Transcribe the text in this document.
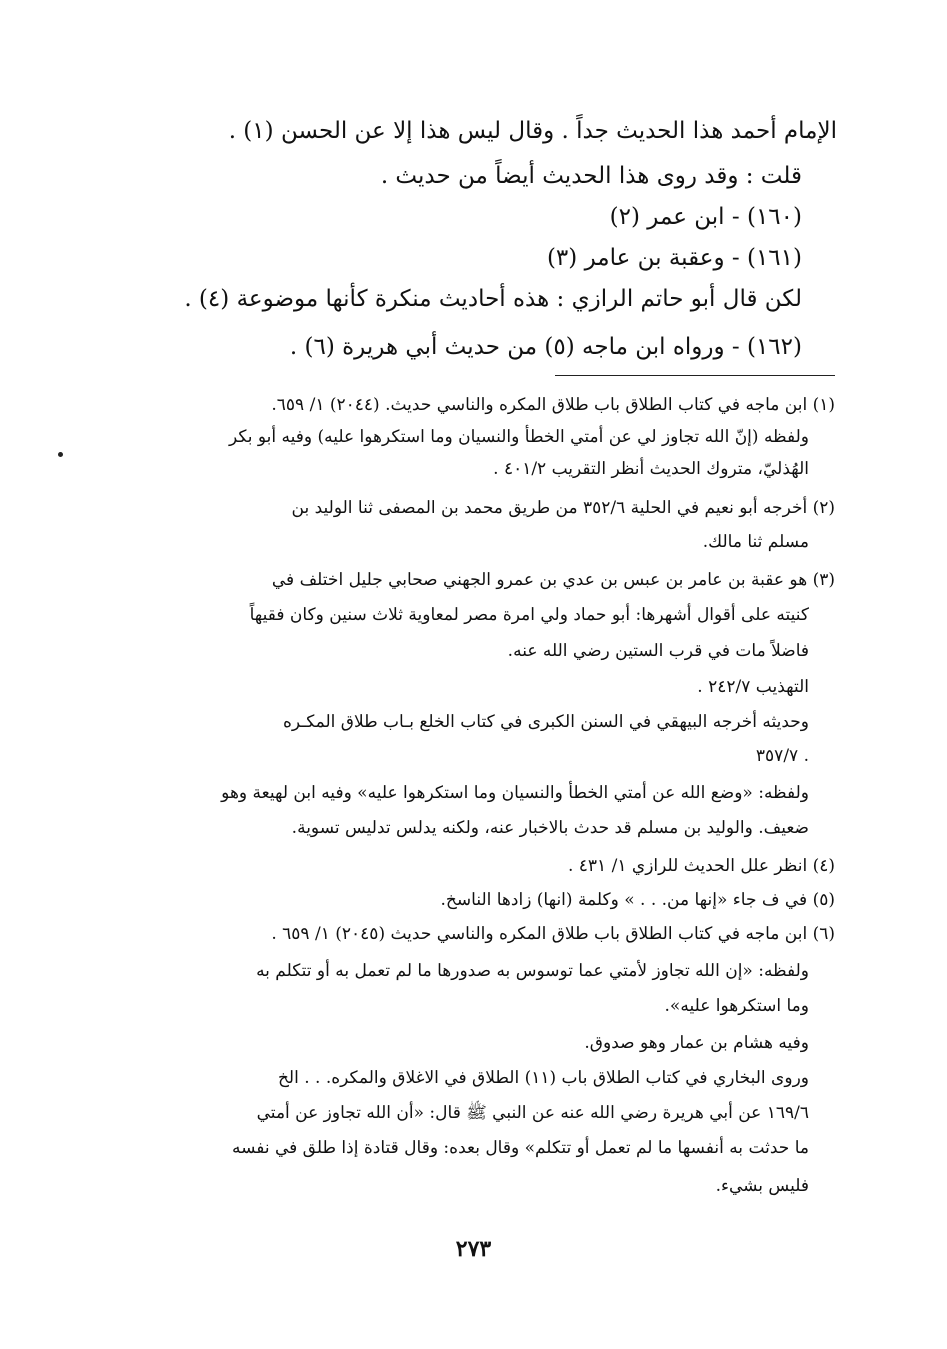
الإمام أحمد هذا الحديث جداً . وقال ليس هذا إلا عن الحسن (١) .
قلت : وقد روى هذا الحديث أيضاً من حديث .
(١٦٠) - ابن عمر (٢)
(١٦١) - وعقبة بن عامر (٣)
لكن قال أبو حاتم الرازي : هذه أحاديث منكرة كأنها موضوعة (٤) .
(١٦٢) - ورواه ابن ماجه (٥) من حديث أبي هريرة (٦) .
(١) ابن ماجه في كتاب الطلاق باب طلاق المكره والناسي حديث. (٢٠٤٤) ١/ ٦٥٩.
ولفظه (إنّ الله تجاوز لي عن أمتي الخطأ والنسيان وما استكرهوا عليه) وفيه أبو بكر
الهُذليّ، متروك الحديث أنظر التقريب ٤٠١/٢ .
(٢) أخرجه أبو نعيم في الحلية ٣٥٢/٦ من طريق محمد بن المصفى ثنا الوليد بن
مسلم ثنا مالك.
(٣) هو عقبة بن عامر بن عبس بن عدي بن عمرو الجهني صحابي جليل اختلف في
كنيته على أقوال أشهرها: أبو حماد ولي امرة مصر لمعاوية ثلاث سنين وكان فقيهاً
فاضلاً مات في قرب الستين رضي الله عنه.
التهذيب ٢٤٢/٧ .
وحديثه أخرجه البيهقي في السنن الكبرى في كتاب الخلع بـاب طلاق المكـره
٣٥٧/٧ .
ولفظه: «وضع الله عن أمتي الخطأ والنسيان وما استكرهوا عليه» وفيه ابن لهيعة وهو
ضعيف. والوليد بن مسلم قد حدث بالاخبار عنه، ولكنه يدلس تدليس تسوية.
(٤) انظر علل الحديث للرازي ١/ ٤٣١ .
(٥) في ف جاء «إنها من. . . » وكلمة (انها) زادها الناسخ.
(٦) ابن ماجه في كتاب الطلاق باب طلاق المكره والناسي حديث (٢٠٤٥) ١/ ٦٥٩ .
ولفظه: «إن الله تجاوز لأمتي عما توسوس به صدورها ما لم تعمل به أو تتكلم به
وما استكرهوا عليه».
وفيه هشام بن عمار وهو صدوق.
وروى البخاري في كتاب الطلاق باب (١١) الطلاق في الاغلاق والمكره. . . الخ
١٦٩/٦ عن أبي هريرة رضي الله عنه عن النبي ﷺ قال: «أن الله تجاوز عن أمتي
ما حدثت به أنفسها ما لم تعمل أو تتكلم» وقال بعده: وقال قتادة إذا طلق في نفسه
فليس بشيء.
٢٧٣
